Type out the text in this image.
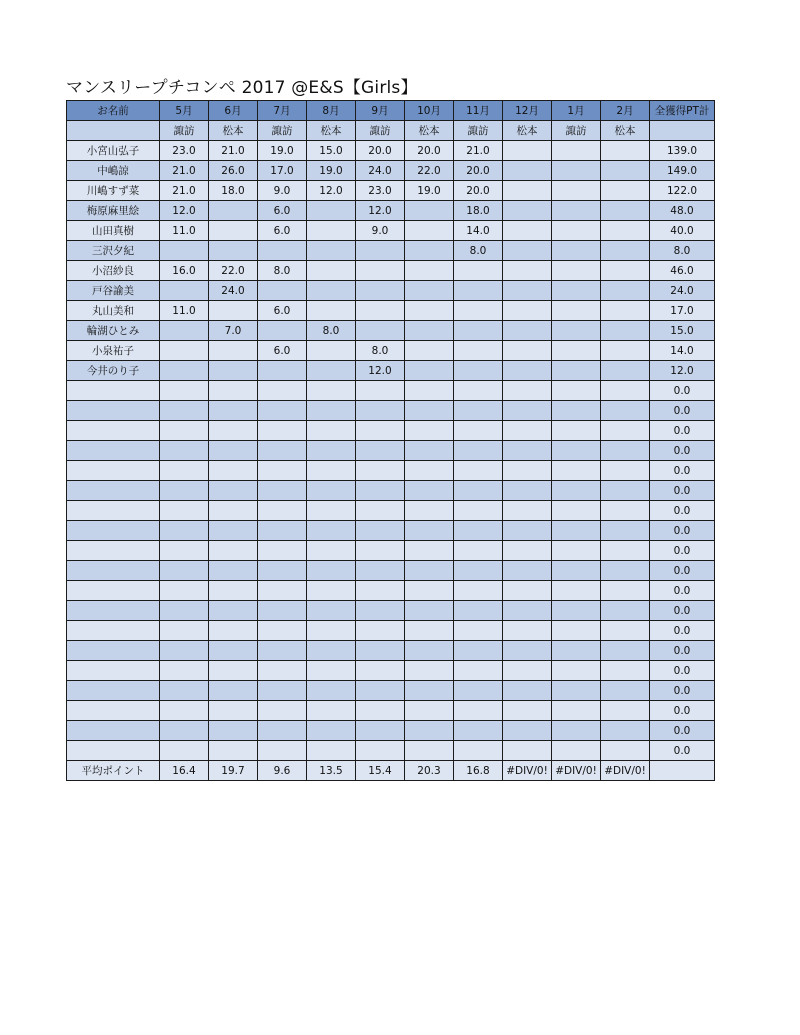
マンスリープチコンペ 2017 @E&S【Girls】
お名前	5月	6月	7月	8月	9月	10月	11月	12月	1月	2月	全獲得PT計
	諏訪	松本	諏訪	松本	諏訪	松本	諏訪	松本	諏訪	松本	
小宮山弘子	23.0	21.0	19.0	15.0	20.0	20.0	21.0				139.0
中嶋諒	21.0	26.0	17.0	19.0	24.0	22.0	20.0				149.0
川嶋すず菜	21.0	18.0	9.0	12.0	23.0	19.0	20.0				122.0
梅原麻里絵	12.0		6.0		12.0		18.0				48.0
山田真樹	11.0		6.0		9.0		14.0				40.0
三沢夕紀							8.0				8.0
小沼紗良	16.0	22.0	8.0								46.0
戸谷諭美		24.0									24.0
丸山美和	11.0		6.0								17.0
輪湖ひとみ		7.0		8.0							15.0
小泉祐子			6.0		8.0						14.0
今井のり子					12.0						12.0
											0.0
											0.0
											0.0
											0.0
											0.0
											0.0
											0.0
											0.0
											0.0
											0.0
											0.0
											0.0
											0.0
											0.0
											0.0
											0.0
											0.0
											0.0
											0.0
平均ポイント	16.4	19.7	9.6	13.5	15.4	20.3	16.8	#DIV/0!	#DIV/0!	#DIV/0!	
